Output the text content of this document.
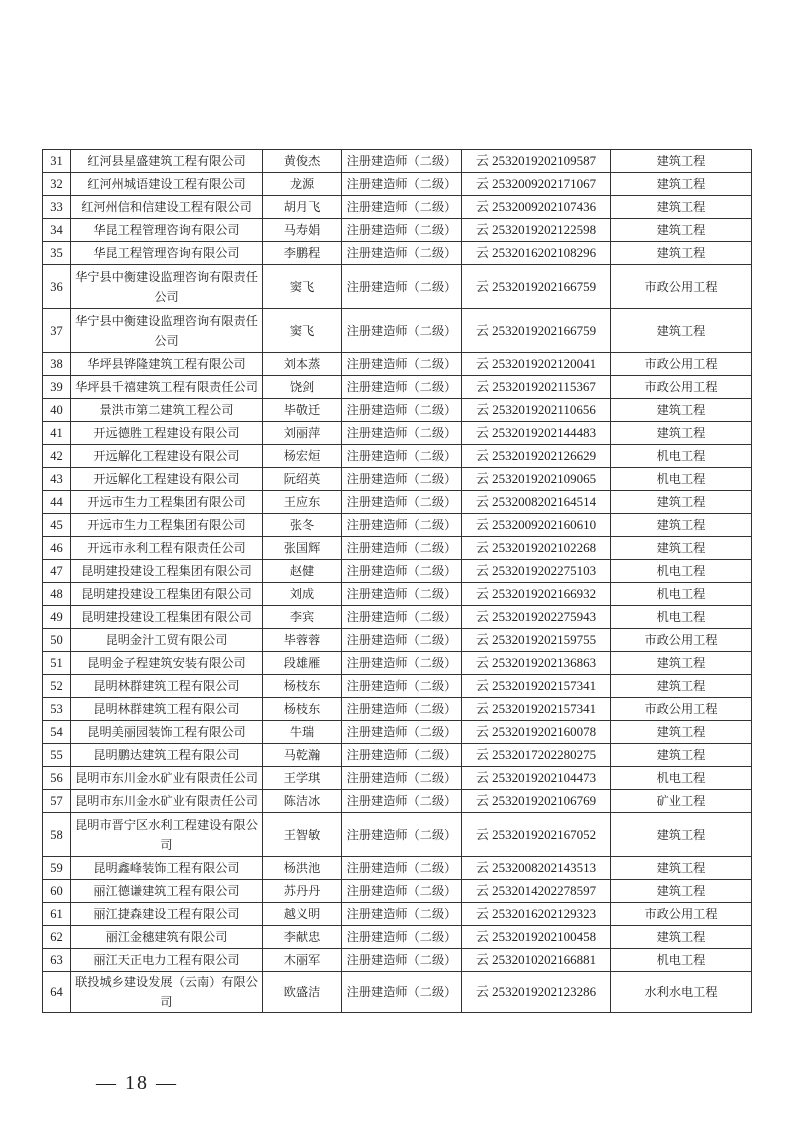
31	红河县星盛建筑工程有限公司	黄俊杰	注册建造师（二级）	云 2532019202109587	建筑工程
32	红河州城语建设工程有限公司	龙源	注册建造师（二级）	云 2532009202171067	建筑工程
33	红河州信和信建设工程有限公司	胡月飞	注册建造师（二级）	云 2532009202107436	建筑工程
34	华昆工程管理咨询有限公司	马寿娟	注册建造师（二级）	云 2532019202122598	建筑工程
35	华昆工程管理咨询有限公司	李鹏程	注册建造师（二级）	云 2532016202108296	建筑工程
36	华宁县中衡建设监理咨询有限责任公司	窦飞	注册建造师（二级）	云 2532019202166759	市政公用工程
37	华宁县中衡建设监理咨询有限责任公司	窦飞	注册建造师（二级）	云 2532019202166759	建筑工程
38	华坪县铧隆建筑工程有限公司	刘本蒸	注册建造师（二级）	云 2532019202120041	市政公用工程
39	华坪县千禧建筑工程有限责任公司	饶剑	注册建造师（二级）	云 2532019202115367	市政公用工程
40	景洪市第二建筑工程公司	毕敬迁	注册建造师（二级）	云 2532019202110656	建筑工程
41	开远德胜工程建设有限公司	刘丽萍	注册建造师（二级）	云 2532019202144483	建筑工程
42	开远解化工程建设有限公司	杨宏烜	注册建造师（二级）	云 2532019202126629	机电工程
43	开远解化工程建设有限公司	阮绍英	注册建造师（二级）	云 2532019202109065	机电工程
44	开远市生力工程集团有限公司	王应东	注册建造师（二级）	云 2532008202164514	建筑工程
45	开远市生力工程集团有限公司	张冬	注册建造师（二级）	云 2532009202160610	建筑工程
46	开远市永利工程有限责任公司	张国辉	注册建造师（二级）	云 2532019202102268	建筑工程
47	昆明建投建设工程集团有限公司	赵健	注册建造师（二级）	云 2532019202275103	机电工程
48	昆明建投建设工程集团有限公司	刘成	注册建造师（二级）	云 2532019202166932	机电工程
49	昆明建投建设工程集团有限公司	李宾	注册建造师（二级）	云 2532019202275943	机电工程
50	昆明金汁工贸有限公司	毕蓉蓉	注册建造师（二级）	云 2532019202159755	市政公用工程
51	昆明金子程建筑安装有限公司	段雄雁	注册建造师（二级）	云 2532019202136863	建筑工程
52	昆明林群建筑工程有限公司	杨枝东	注册建造师（二级）	云 2532019202157341	建筑工程
53	昆明林群建筑工程有限公司	杨枝东	注册建造师（二级）	云 2532019202157341	市政公用工程
54	昆明美丽园装饰工程有限公司	牛瑞	注册建造师（二级）	云 2532019202160078	建筑工程
55	昆明鹏达建筑工程有限公司	马乾瀚	注册建造师（二级）	云 2532017202280275	建筑工程
56	昆明市东川金水矿业有限责任公司	王学琪	注册建造师（二级）	云 2532019202104473	机电工程
57	昆明市东川金水矿业有限责任公司	陈洁冰	注册建造师（二级）	云 2532019202106769	矿业工程
58	昆明市晋宁区水利工程建设有限公司	王智敏	注册建造师（二级）	云 2532019202167052	建筑工程
59	昆明鑫峰装饰工程有限公司	杨洪池	注册建造师（二级）	云 2532008202143513	建筑工程
60	丽江德谦建筑工程有限公司	苏丹丹	注册建造师（二级）	云 2532014202278597	建筑工程
61	丽江捷森建设工程有限公司	越义明	注册建造师（二级）	云 2532016202129323	市政公用工程
62	丽江金穗建筑有限公司	李献忠	注册建造师（二级）	云 2532019202100458	建筑工程
63	丽江天正电力工程有限公司	木丽军	注册建造师（二级）	云 2532010202166881	机电工程
64	联投城乡建设发展（云南）有限公司	欧盛洁	注册建造师（二级）	云 2532019202123286	水利水电工程
— 18 —
